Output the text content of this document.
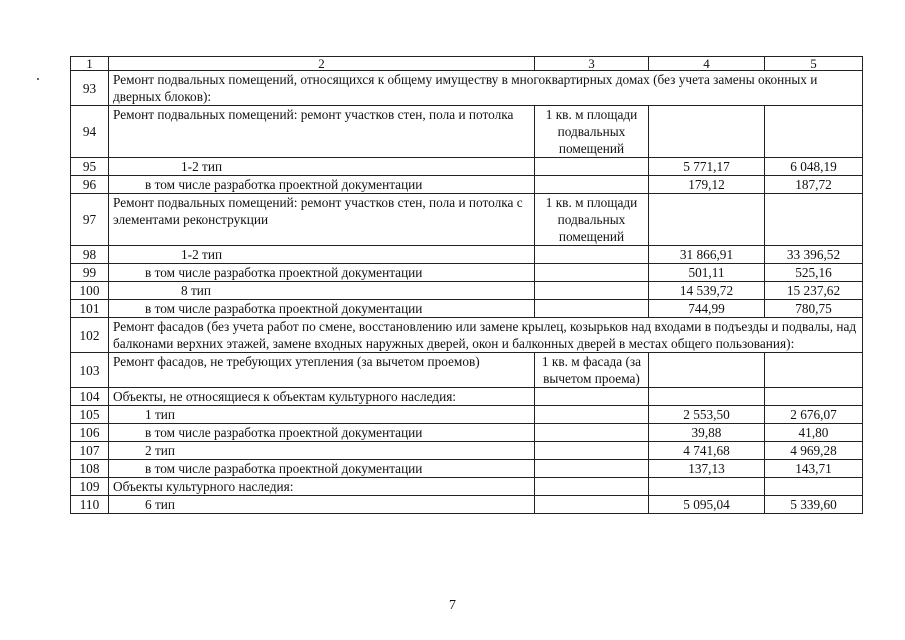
1	2	3	4	5
93	Ремонт подвальных помещений, относящихся к общему имуществу в многоквартирных домах (без учета замены оконных и дверных блоков):			
94	Ремонт подвальных помещений: ремонт участков стен, пола и потолка	1 кв. м площади подвальных помещений		
95	1-2 тип		5 771,17	6 048,19
96	в том числе разработка проектной документации		179,12	187,72
97	Ремонт подвальных помещений: ремонт участков стен, пола и потолка с элементами реконструкции	1 кв. м площади подвальных помещений		
98	1-2 тип		31 866,91	33 396,52
99	в том числе разработка проектной документации		501,11	525,16
100	8 тип		14 539,72	15 237,62
101	в том числе разработка проектной документации		744,99	780,75
102	Ремонт фасадов (без учета работ по смене, восстановлению или замене крылец, козырьков над входами в подъезды и подвалы, над балконами верхних этажей, замене входных наружных дверей, окон и балконных дверей в местах общего пользования):			
103	Ремонт фасадов, не требующих утепления (за вычетом проемов)	1 кв. м фасада (за вычетом проема)		
104	Объекты, не относящиеся к объектам культурного наследия:			
105	1 тип		2 553,50	2 676,07
106	в том числе разработка проектной документации		39,88	41,80
107	2 тип		4 741,68	4 969,28
108	в том числе разработка проектной документации		137,13	143,71
109	Объекты культурного наследия:			
110	6 тип		5 095,04	5 339,60
7
